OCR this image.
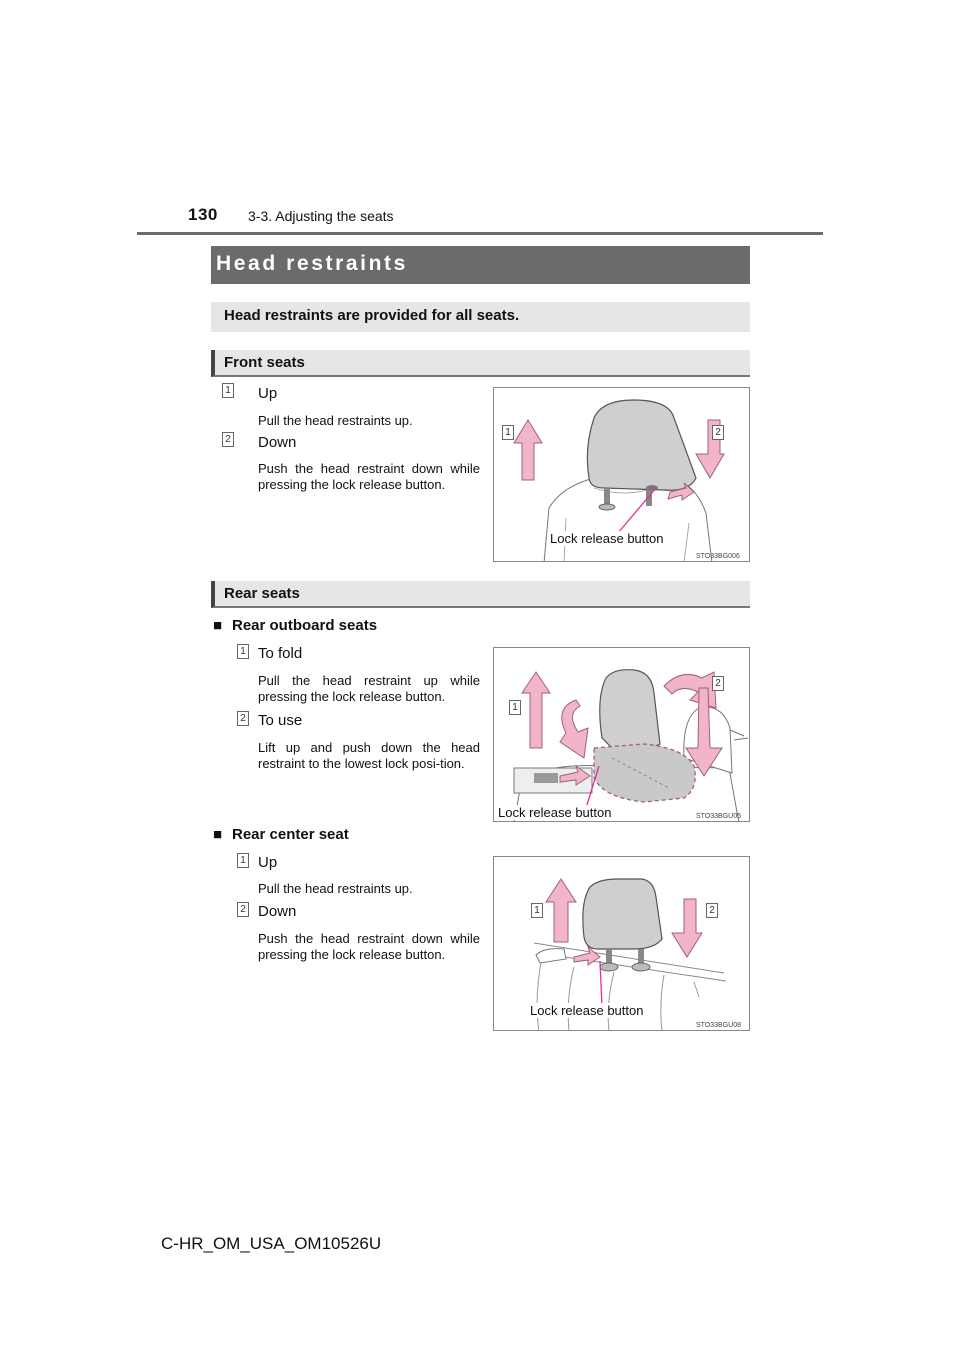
130 3-3. Adjusting the seats
Head restraints
Head restraints are provided for all seats.
Front seats
1 Up
Pull the head restraints up.
2 Down
Push the head restraint down while pressing the lock release button.
1	2
Lock release button
STO33BG006
Rear seats
■ Rear outboard seats
1 To fold
Pull the head restraint up while pressing the lock release button.
2 To use
Lift up and push down the head restraint to the lowest lock posi-tion.
1
2
Lock release button	STO33BGU05
■ Rear center seat
1 Up
Pull the head restraints up.
2 Down
Push the head restraint down while pressing the lock release button.
1	2
Lock release button
STO33BGU08
C-HR_OM_USA_OM10526U
